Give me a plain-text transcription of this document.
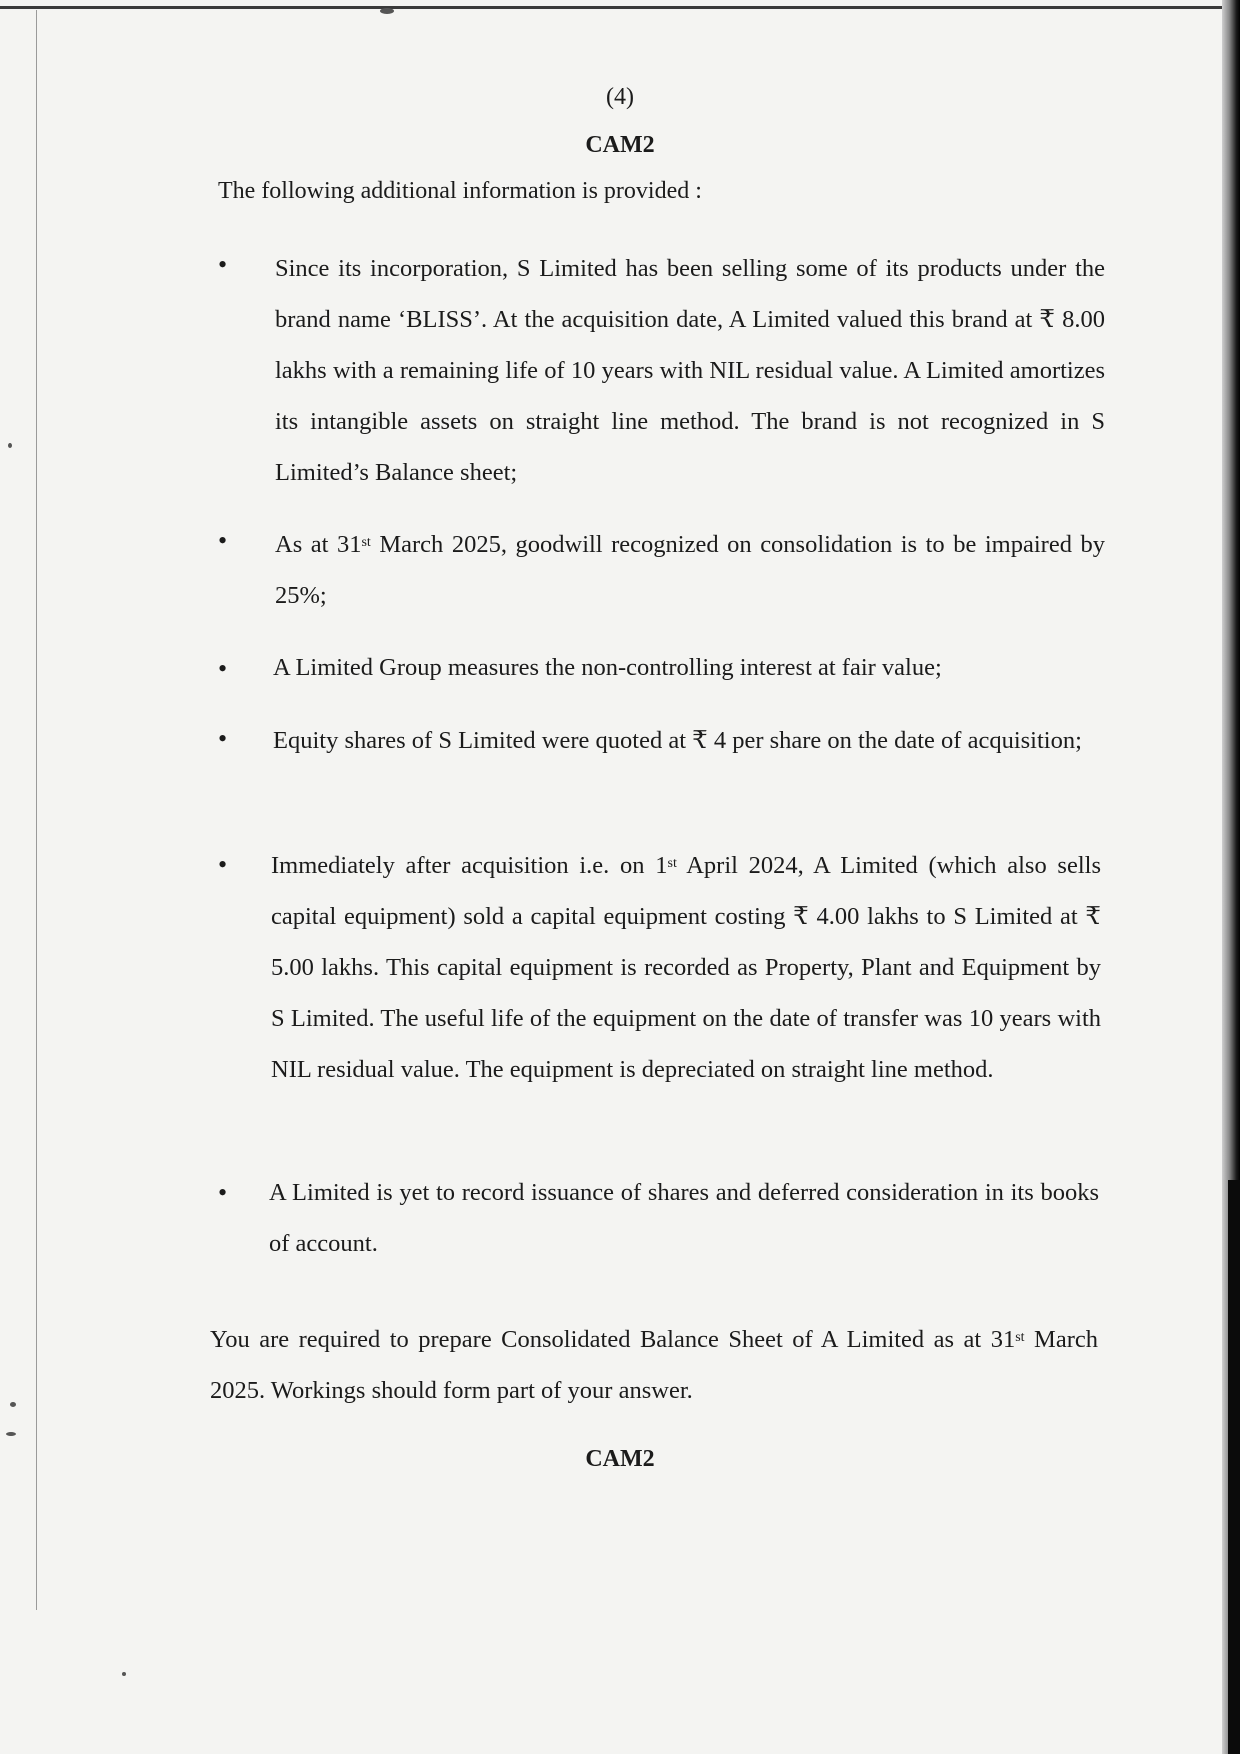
(4)
CAM2
The following additional information is provided :
•	Since its incorporation, S Limited has been selling some of its products under the brand name ‘BLISS’. At the acquisition date, A Limited valued this brand at ₹ 8.00 lakhs with a remaining life of 10 years with NIL residual value. A Limited amortizes its intangible assets on straight line method. The brand is not recognized in S Limited’s Balance sheet;

•	As at 31st March 2025, goodwill recognized on consolidation is to be impaired by 25%;

•	A Limited Group measures the non-controlling interest at fair value;

•	Equity shares of S Limited were quoted at ₹ 4 per share on the date of acquisition;

•	Immediately after acquisition i.e. on 1st April 2024, A Limited (which also sells capital equipment) sold a capital equipment costing ₹ 4.00 lakhs to S Limited at ₹ 5.00 lakhs. This capital equipment is recorded as Property, Plant and Equipment by S Limited. The useful life of the equipment on the date of transfer was 10 years with NIL residual value. The equipment is depreciated on straight line method.

•	A Limited is yet to record issuance of shares and deferred consideration in its books of account.

You are required to prepare Consolidated Balance Sheet of A Limited as at 31st March 2025. Workings should form part of your answer.

CAM2
